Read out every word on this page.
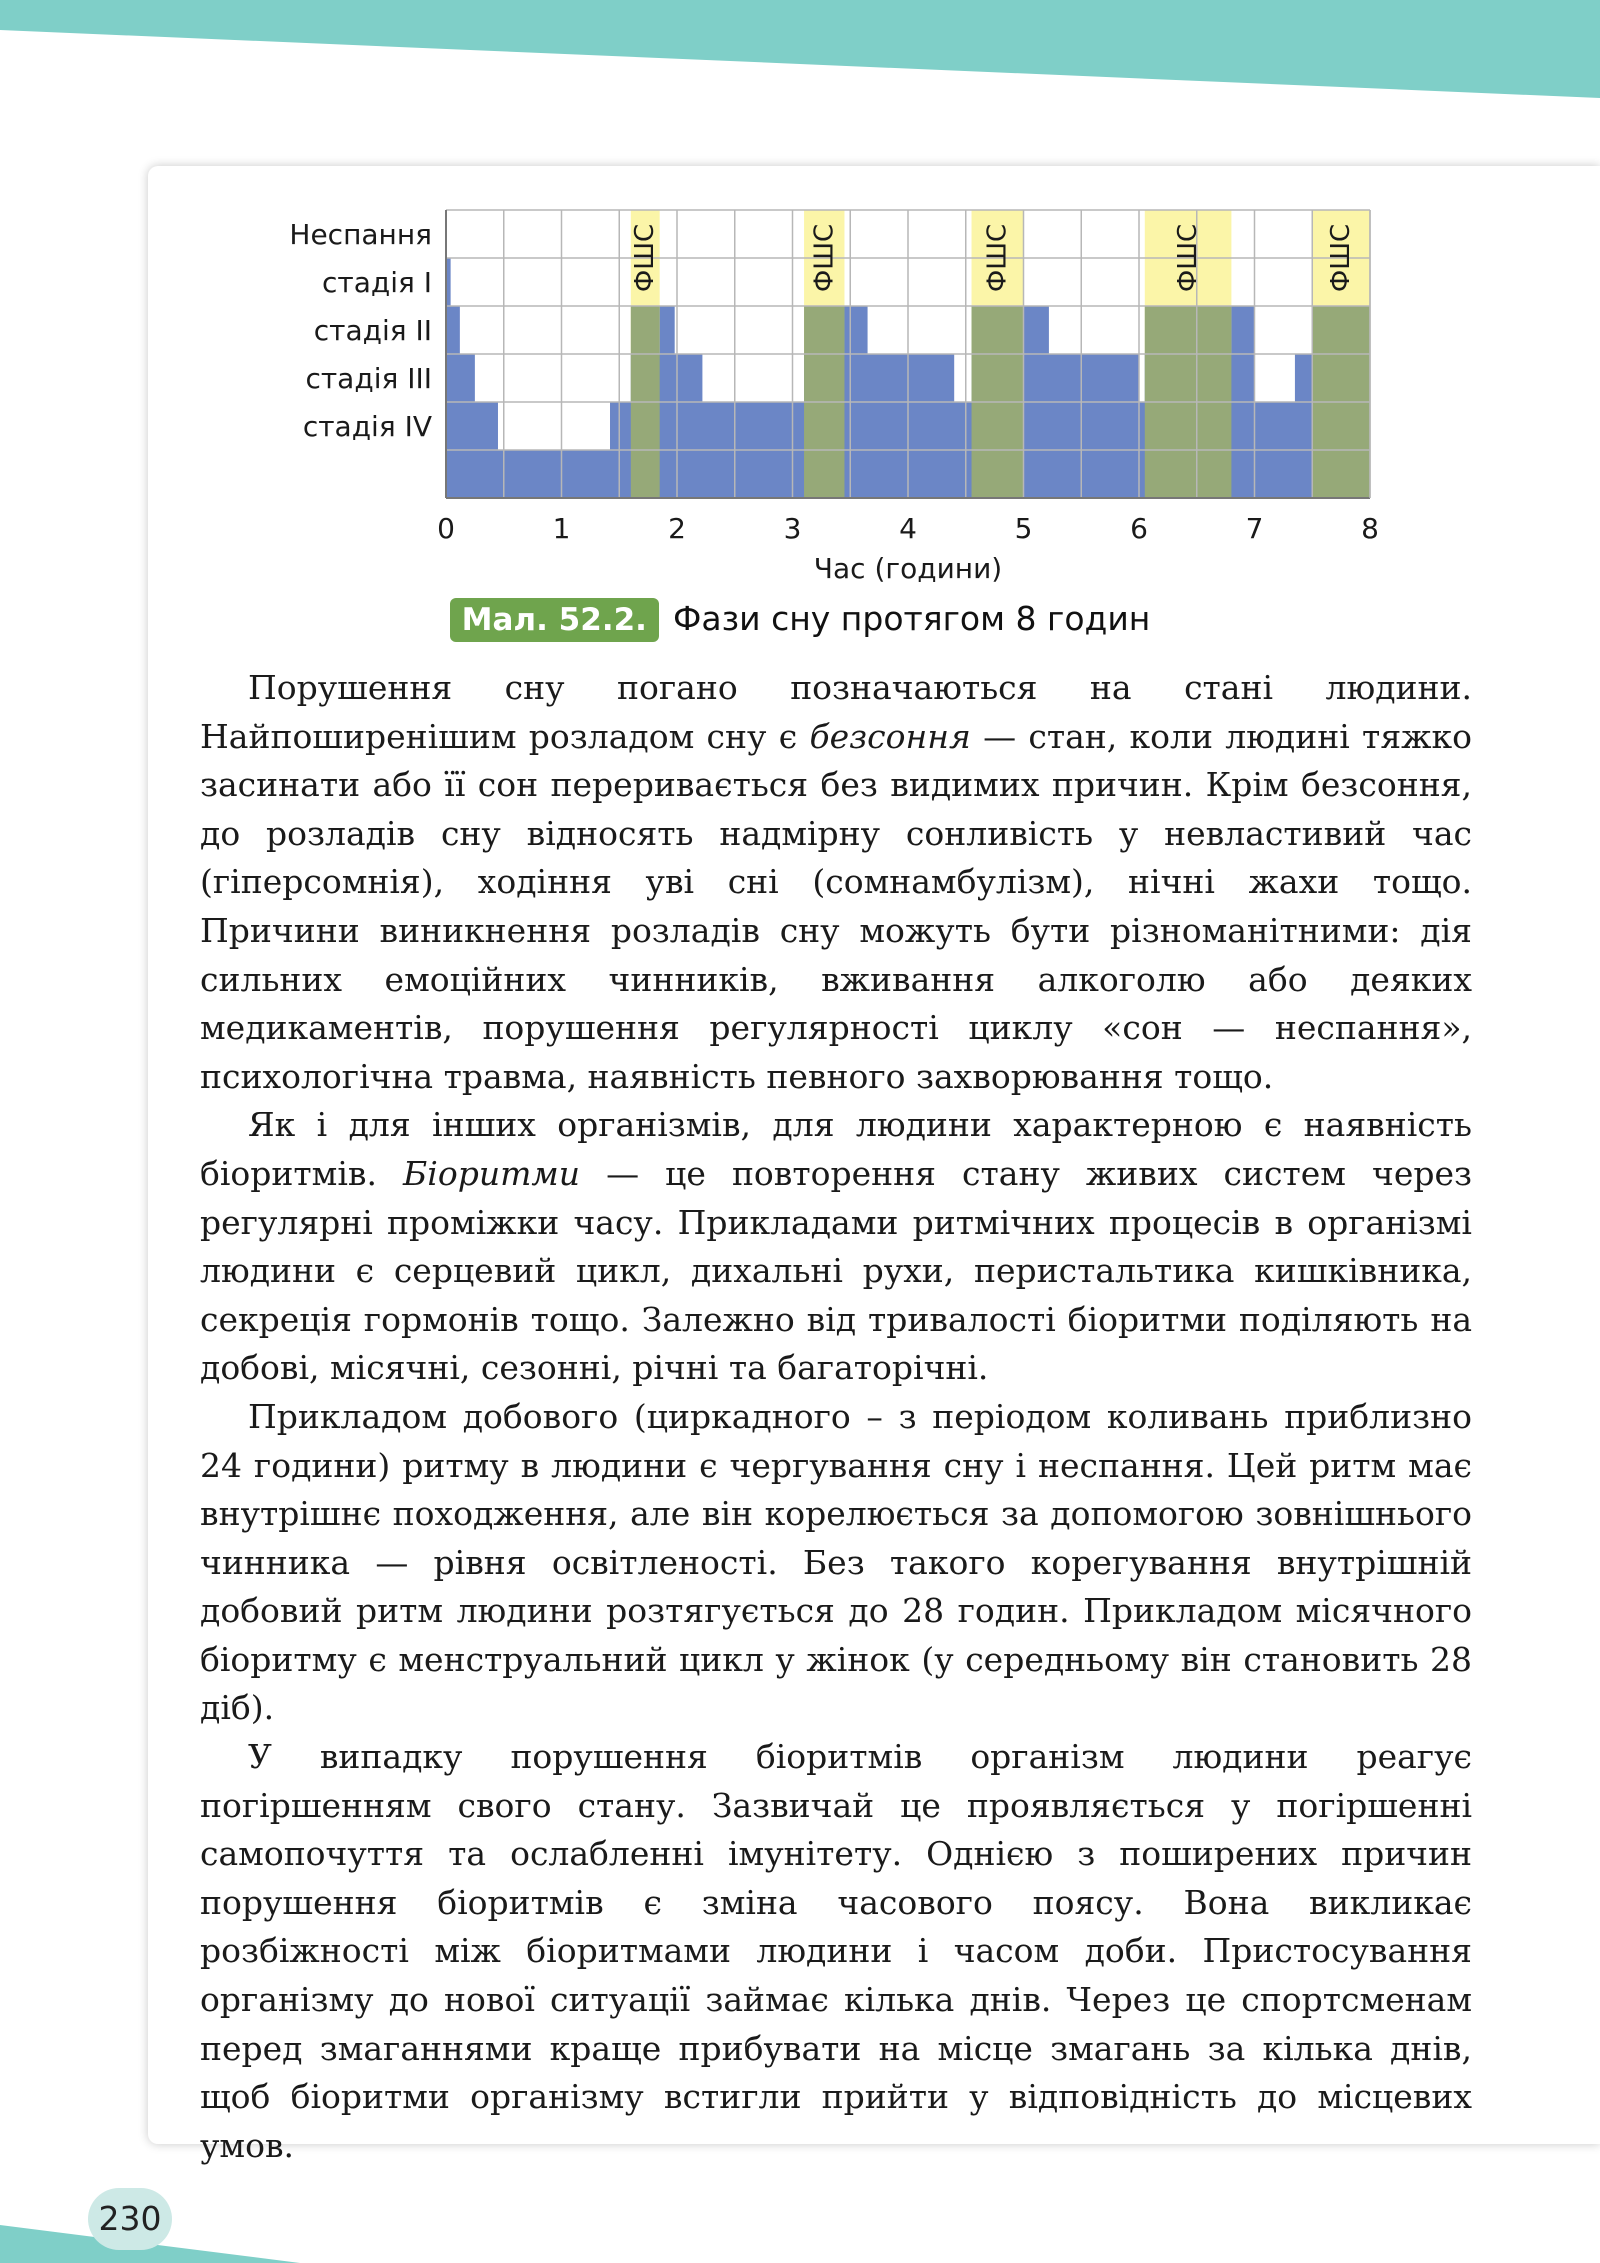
Неспання
стадія I
стадія II
стадія III
стадія IV
0	1	2	3	4	5	6	7	8
Час (години)
ФШС	ФШС	ФШС	ФШС	ФШС
Мал. 52.2. Фази сну протягом 8 годин

Порушення сну погано позначаються на стані людини. Найпоширенішим розладом сну є безсоння — стан, коли людині тяжко засинати або її сон переривається без видимих причин. Крім безсоння, до розладів сну відносять надмірну сонливість у невластивий час (гіперсомнія), ходіння уві сні (сомнамбулізм), нічні жахи тощо. Причини виникнення розладів сну можуть бути різноманітними: дія сильних емоційних чинників, вживання алкоголю або деяких медикаментів, порушення регулярності циклу «сон — неспання», психологічна травма, наявність певного захворювання тощо.

Як і для інших організмів, для людини характерною є наявність біоритмів. Біоритми — це повторення стану живих систем через регулярні проміжки часу. Прикладами ритмічних процесів в організмі людини є серцевий цикл, дихальні рухи, перистальтика кишківника, секреція гормонів тощо. Залежно від тривалості біоритми поділяють на добові, місячні, сезонні, річні та багаторічні.

Прикладом добового (циркадного – з періодом коливань приблизно 24 години) ритму в людини є чергування сну і неспання. Цей ритм має внутрішнє походження, але він корелюється за допомогою зовнішнього чинника — рівня освітленості. Без такого корегування внутрішній добовий ритм людини розтягується до 28 годин. Прикладом місячного біоритму є менструальний цикл у жінок (у середньому він становить 28 діб).

У випадку порушення біоритмів організм людини реагує погіршенням свого стану. Зазвичай це проявляється у погіршенні самопочуття та ослабленні імунітету. Однією з поширених причин порушення біоритмів є зміна часового поясу. Вона викликає розбіжності між біоритмами людини і часом доби. Пристосування організму до нової ситуації займає кілька днів. Через це спортсменам перед змаганнями краще прибувати на місце змагань за кілька днів, щоб біоритми організму встигли прийти у відповідність до місцевих умов.

230
